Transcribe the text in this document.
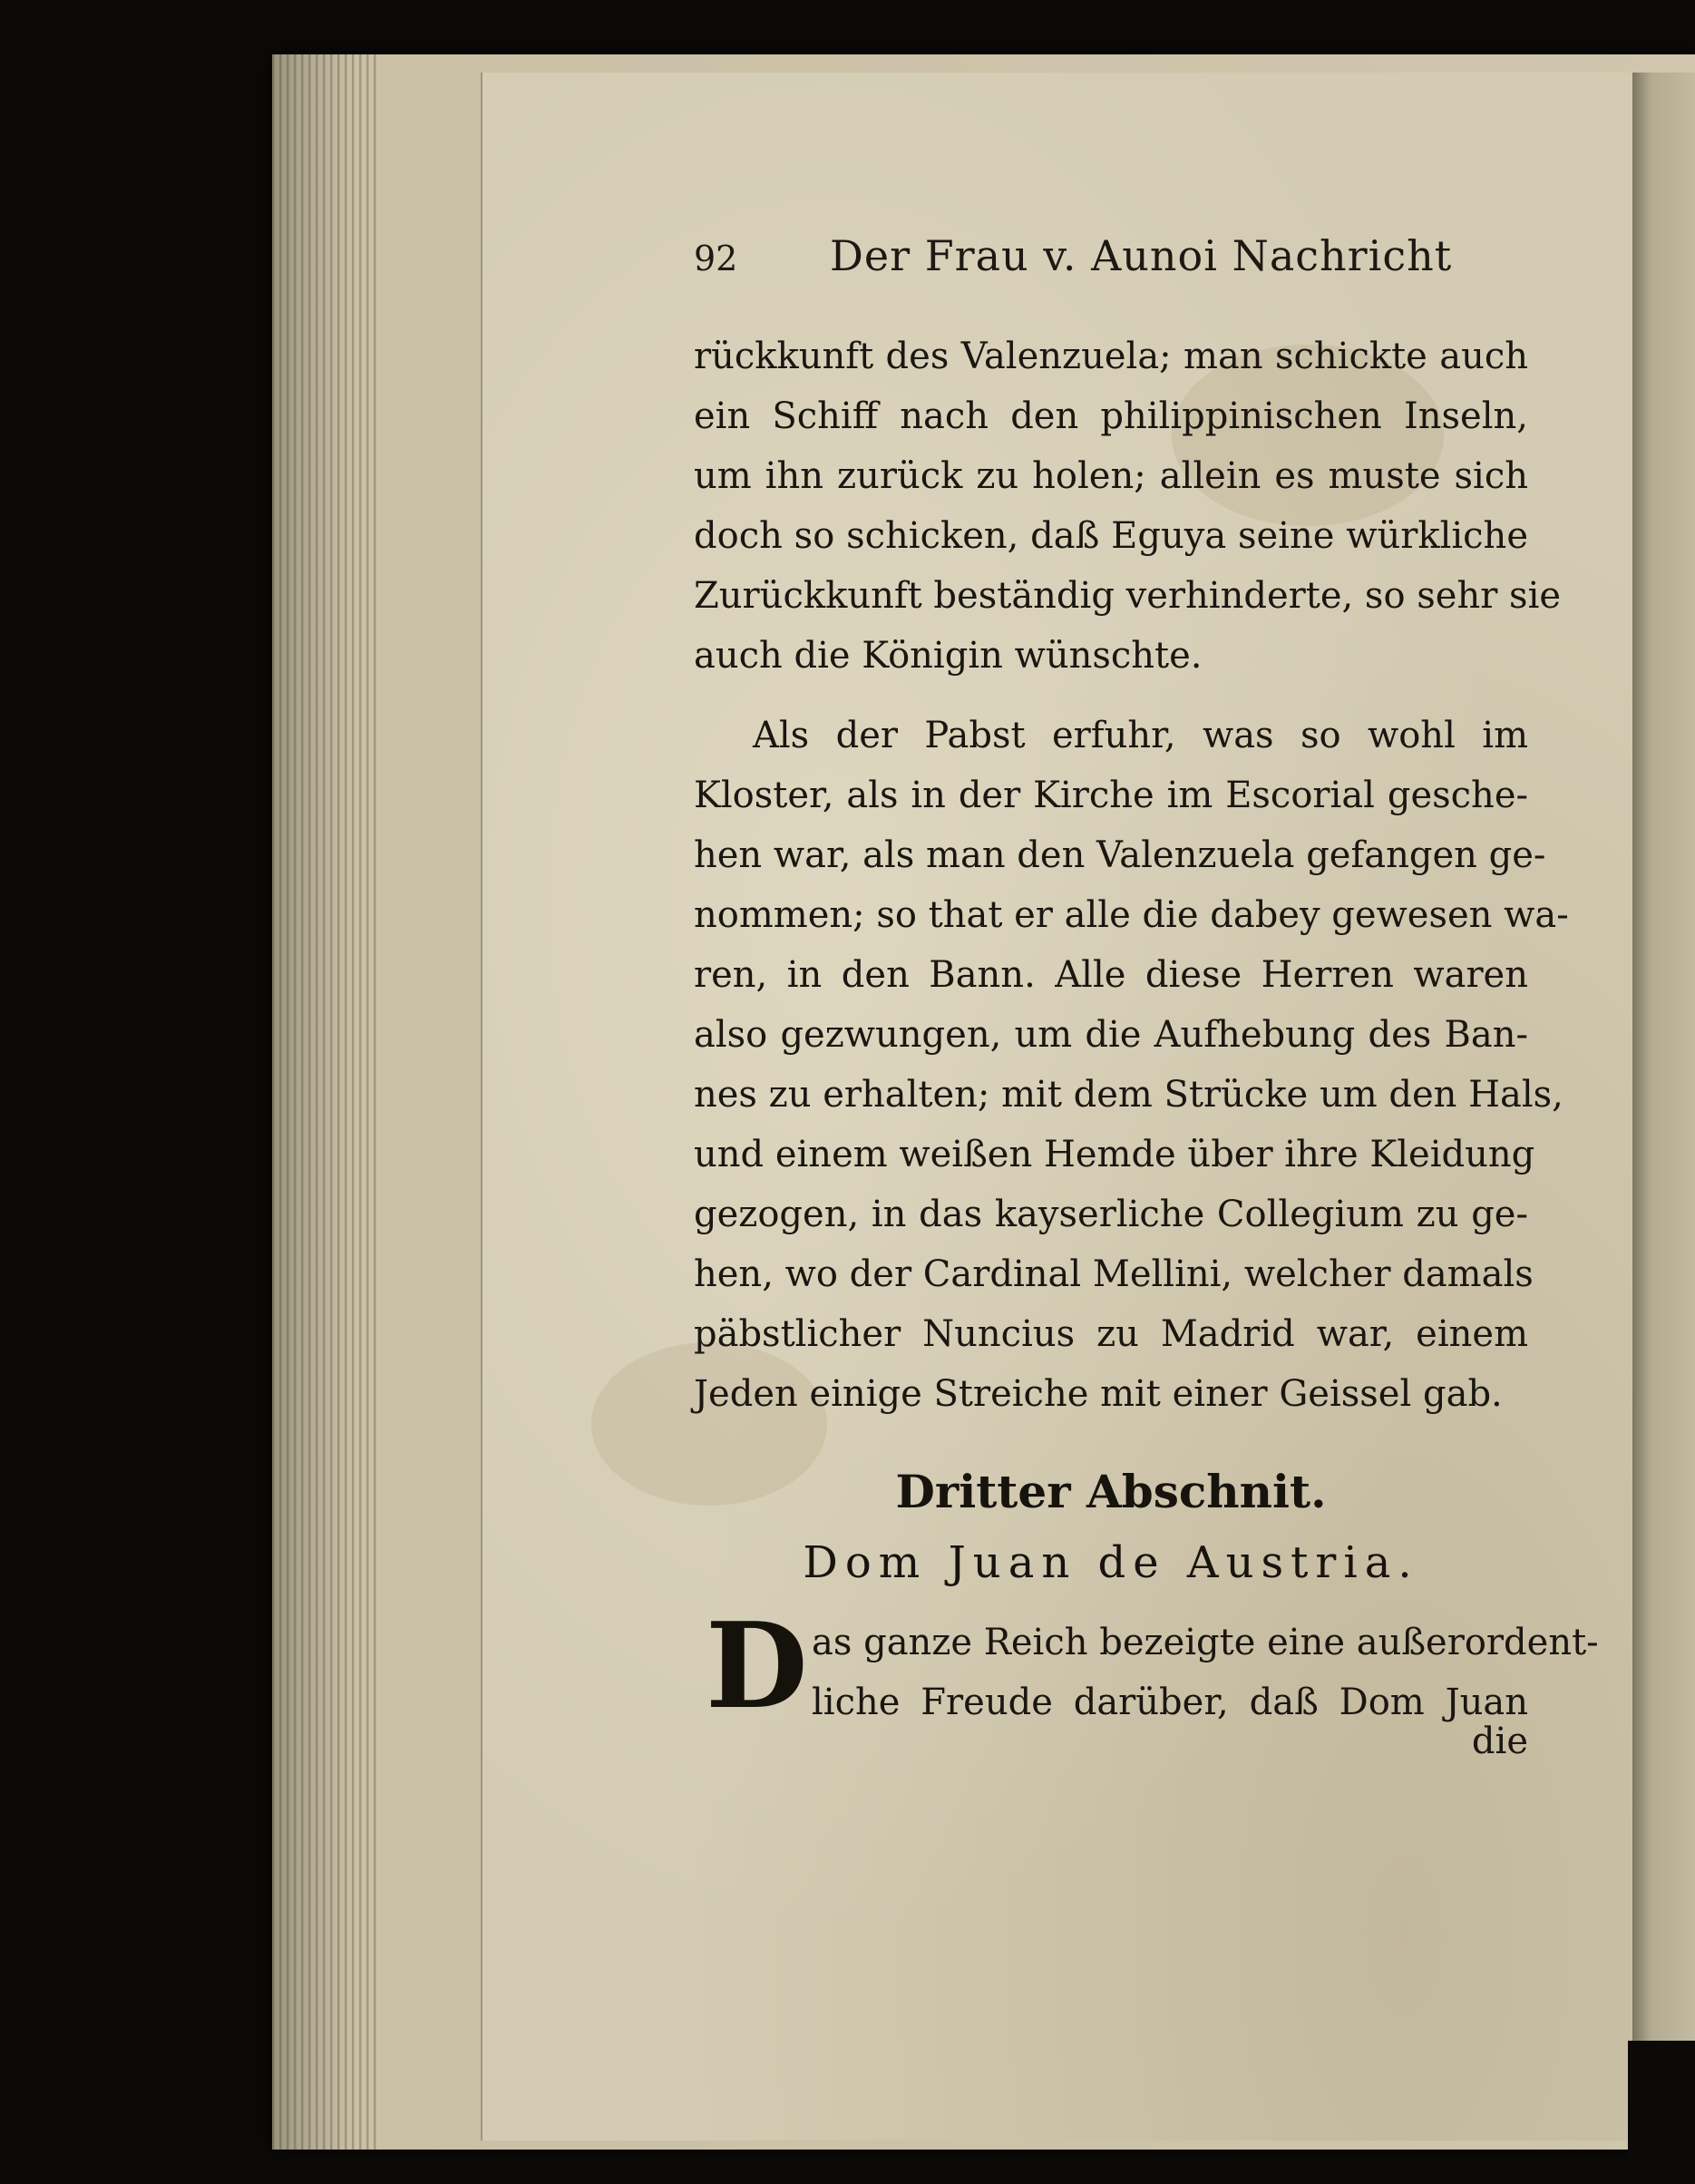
92 Der Frau v. Aunoi Nachricht
rückkunft des Valenzuela; man schickte auch
ein Schiff nach den philippinischen Inseln,
um ihn zurück zu holen; allein es muste sich
doch so schicken, daß Eguya seine würkliche
Zurückkunft beständig verhinderte, so sehr sie
auch die Königin wünschte.
Als der Pabst erfuhr, was so wohl im
Kloster, als in der Kirche im Escorial gesche-
hen war, als man den Valenzuela gefangen ge-
nommen; so that er alle die dabey gewesen wa-
ren, in den Bann. Alle diese Herren waren
also gezwungen, um die Aufhebung des Ban-
nes zu erhalten; mit dem Strücke um den Hals,
und einem weißen Hemde über ihre Kleidung
gezogen, in das kayserliche Collegium zu ge-
hen, wo der Cardinal Mellini, welcher damals
päbstlicher Nuncius zu Madrid war, einem
Jeden einige Streiche mit einer Geissel gab.
Dritter Abschnit.
Dom Juan de Austria.
D as ganze Reich bezeigte eine außerordent-
liche Freude darüber, daß Dom Juan
die
